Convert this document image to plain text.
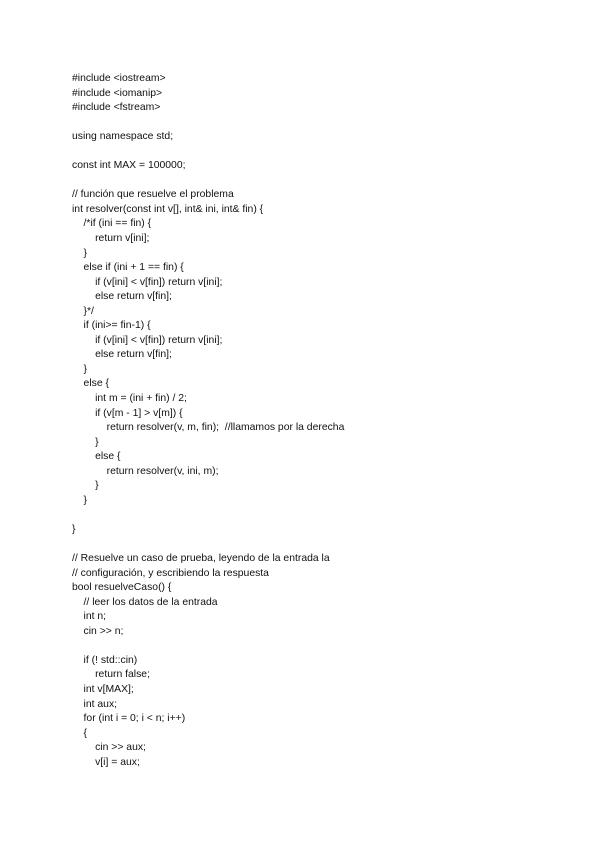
#include <iostream>
#include <iomanip>
#include <fstream>
using namespace std;
const int MAX = 100000;
// función que resuelve el problema
int resolver(const int v[], int& ini, int& fin) {
/*if (ini == fin) {
return v[ini];
}
else if (ini + 1 == fin) {
if (v[ini] < v[fin]) return v[ini];
else return v[fin];
}*/
if (ini>= fin-1) {
if (v[ini] < v[fin]) return v[ini];
else return v[fin];
}
else {
int m = (ini + fin) / 2;
if (v[m - 1] > v[m]) {
return resolver(v, m, fin);  //llamamos por la derecha
}
else {
return resolver(v, ini, m);
}
}
}
// Resuelve un caso de prueba, leyendo de la entrada la
// configuración, y escribiendo la respuesta
bool resuelveCaso() {
// leer los datos de la entrada
int n;
cin >> n;
if (! std::cin)
return false;
int v[MAX];
int aux;
for (int i = 0; i < n; i++)
{
cin >> aux;
v[i] = aux;
